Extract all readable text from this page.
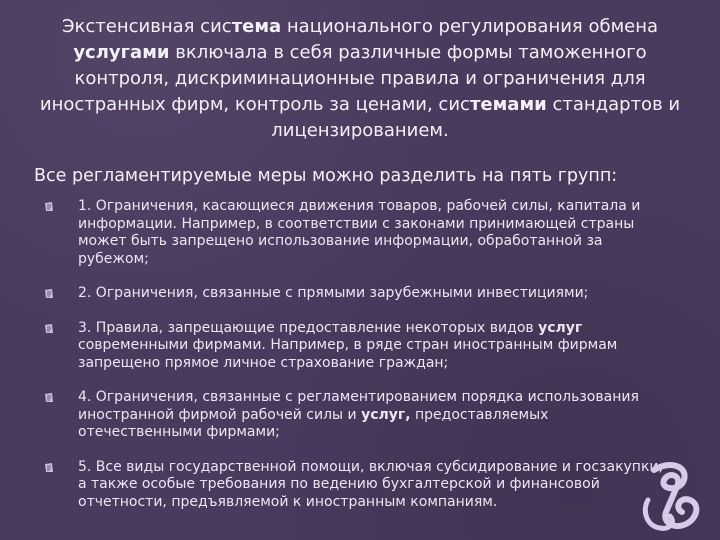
Экстенсивная система национального регулирования обмена услугами включала в себя различные формы таможенного контроля, дискриминационные правила и ограничения для иностранных фирм, контроль за ценами, системами стандартов и лицензированием.
Все регламентируемые меры можно разделить на пять групп:
1. Ограничения, касающиеся движения товаров, рабочей силы, капитала и информации. Например, в соответствии с законами принимающей страны может быть запрещено использование информации, обработанной за рубежом;
2. Ограничения, связанные с прямыми зарубежными инвестициями;
3. Правила, запрещающие предоставление некоторых видов услуг современными фирмами. Например, в ряде стран иностранным фирмам запрещено прямое личное страхование граждан;
4. Ограничения, связанные с регламентированием порядка использования иностранной фирмой рабочей силы и услуг, предоставляемых отечественными фирмами;
5. Все виды государственной помощи, включая субсидирование и госзакупки, а также особые требования по ведению бухгалтерской и финансовой отчетности, предъявляемой к иностранным компаниям.
